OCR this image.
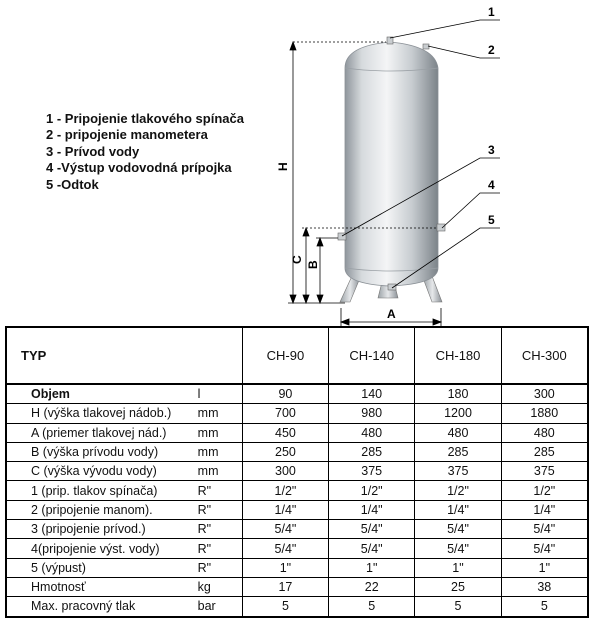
1
2
3
4
5
H
C
B
A
1 - Pripojenie tlakového spínača
2 - pripojenie manometera
3 - Prívod vody
4 -Výstup vodovodná prípojka
5 -Odtok
TYP		CH-90	CH-140	CH-180	CH-300
Objem	l	90	140	180	300
H (výška tlakovej nádob.)	mm	700	980	1200	1880
A (priemer tlakovej nád.)	mm	450	480	480	480
B (výška prívodu vody)	mm	250	285	285	285
C (výška vývodu vody)	mm	300	375	375	375
1 (prip. tlakov spínača)	R"	1/2"	1/2"	1/2"	1/2"
2 (pripojenie manom).	R"	1/4"	1/4"	1/4"	1/4"
3 (pripojenie prívod.)	R"	5/4"	5/4"	5/4"	5/4"
4(pripojenie výst. vody)	R"	5/4"	5/4"	5/4"	5/4"
5 (výpust)	R"	1"	1"	1"	1"
Hmotnosť	kg	17	22	25	38
Max. pracovný tlak	bar	5	5	5	5
